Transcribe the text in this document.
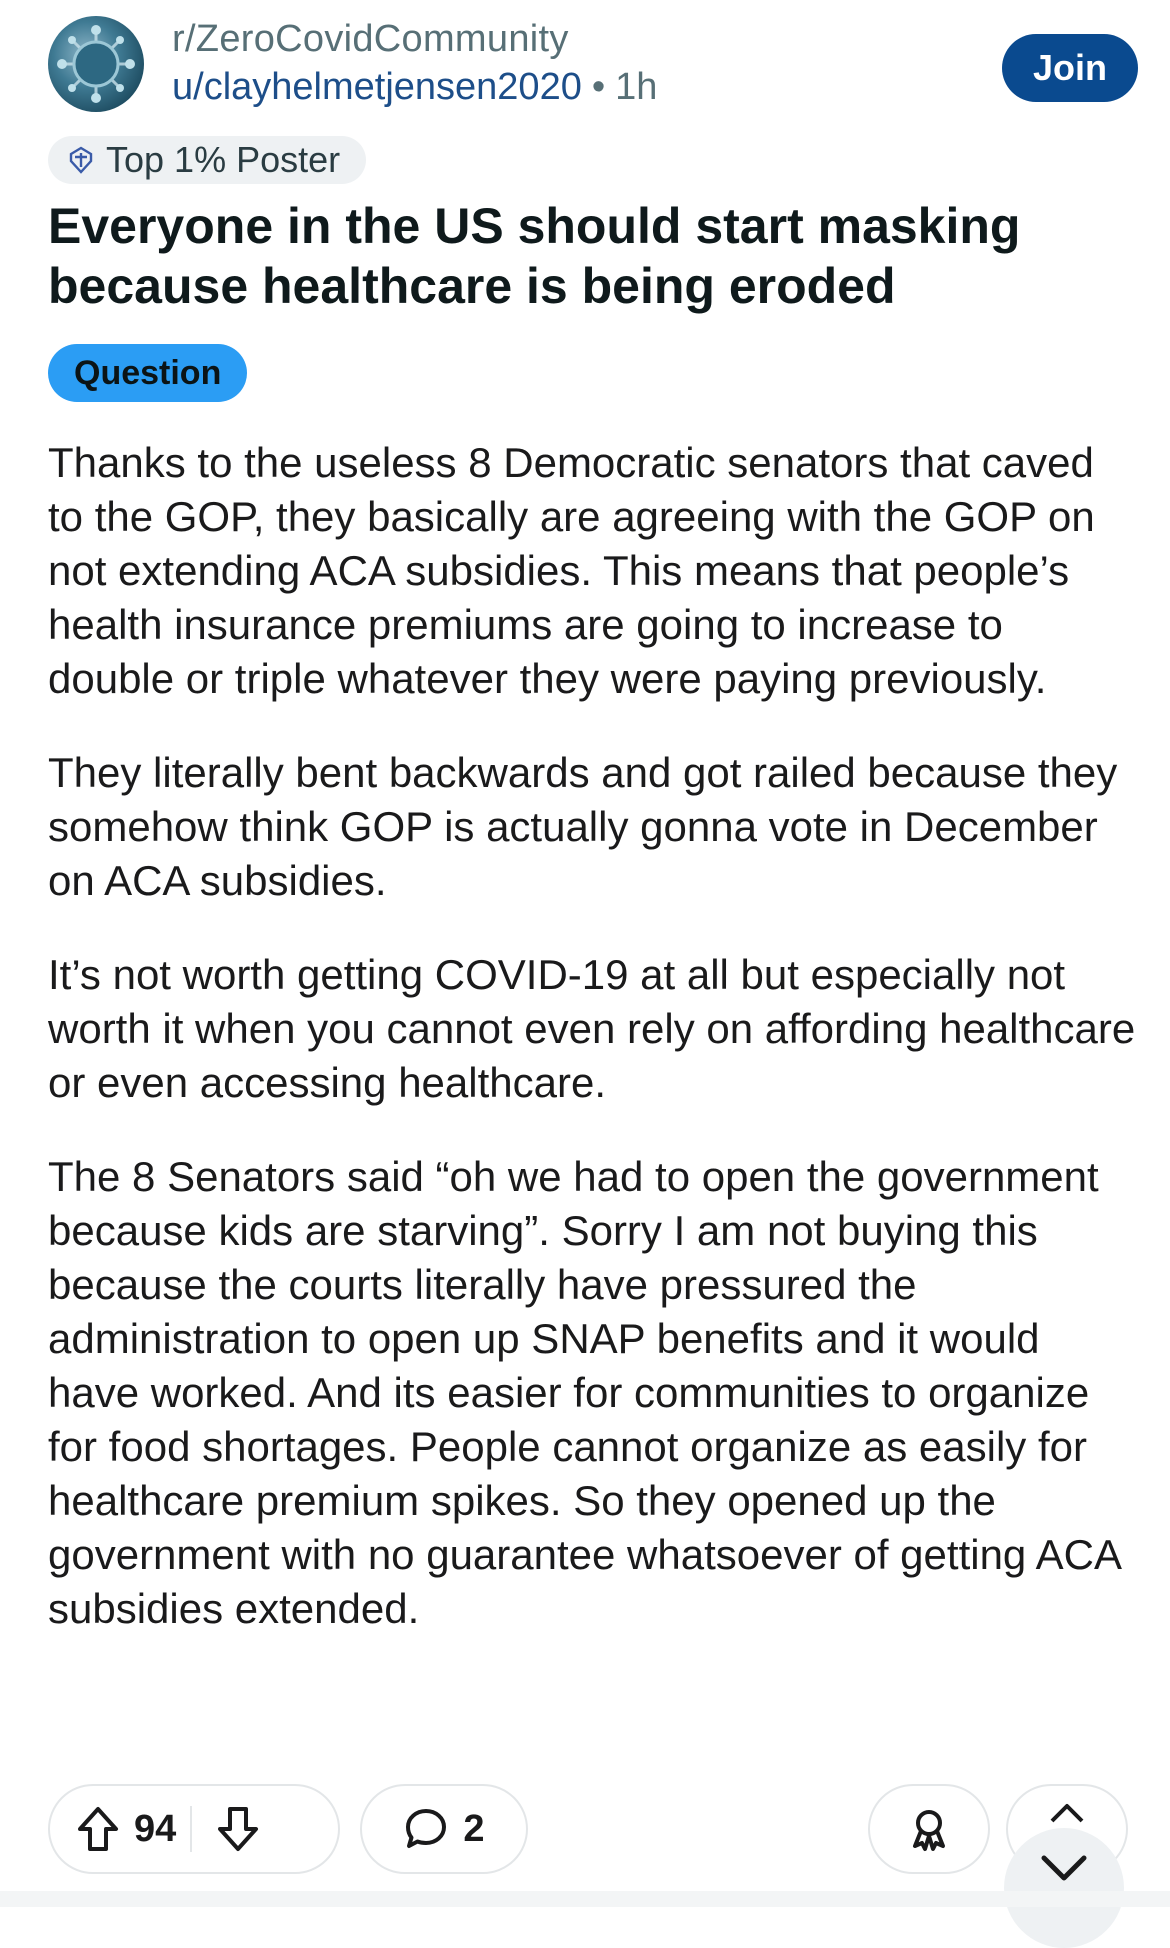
r/ZeroCovidCommunity
u/clayhelmetjensen2020 • 1h	Join
Top 1% Poster
Everyone in the US should start masking because healthcare is being eroded
Question

Thanks to the useless 8 Democratic senators that caved to the GOP, they basically are agreeing with the GOP on not extending ACA subsidies. This means that people’s health insurance premiums are going to increase to double or triple whatever they were paying previously.

They literally bent backwards and got railed because they somehow think GOP is actually gonna vote in December on ACA subsidies.

It’s not worth getting COVID-19 at all but especially not worth it when you cannot even rely on affording healthcare or even accessing healthcare.

The 8 Senators said “oh we had to open the government because kids are starving”. Sorry I am not buying this because the courts literally have pressured the administration to open up SNAP benefits and it would have worked. And its easier for communities to organize for food shortages. People cannot organize as easily for healthcare premium spikes. So they opened up the government with no guarantee whatsoever of getting ACA subsidies extended.

94	2
